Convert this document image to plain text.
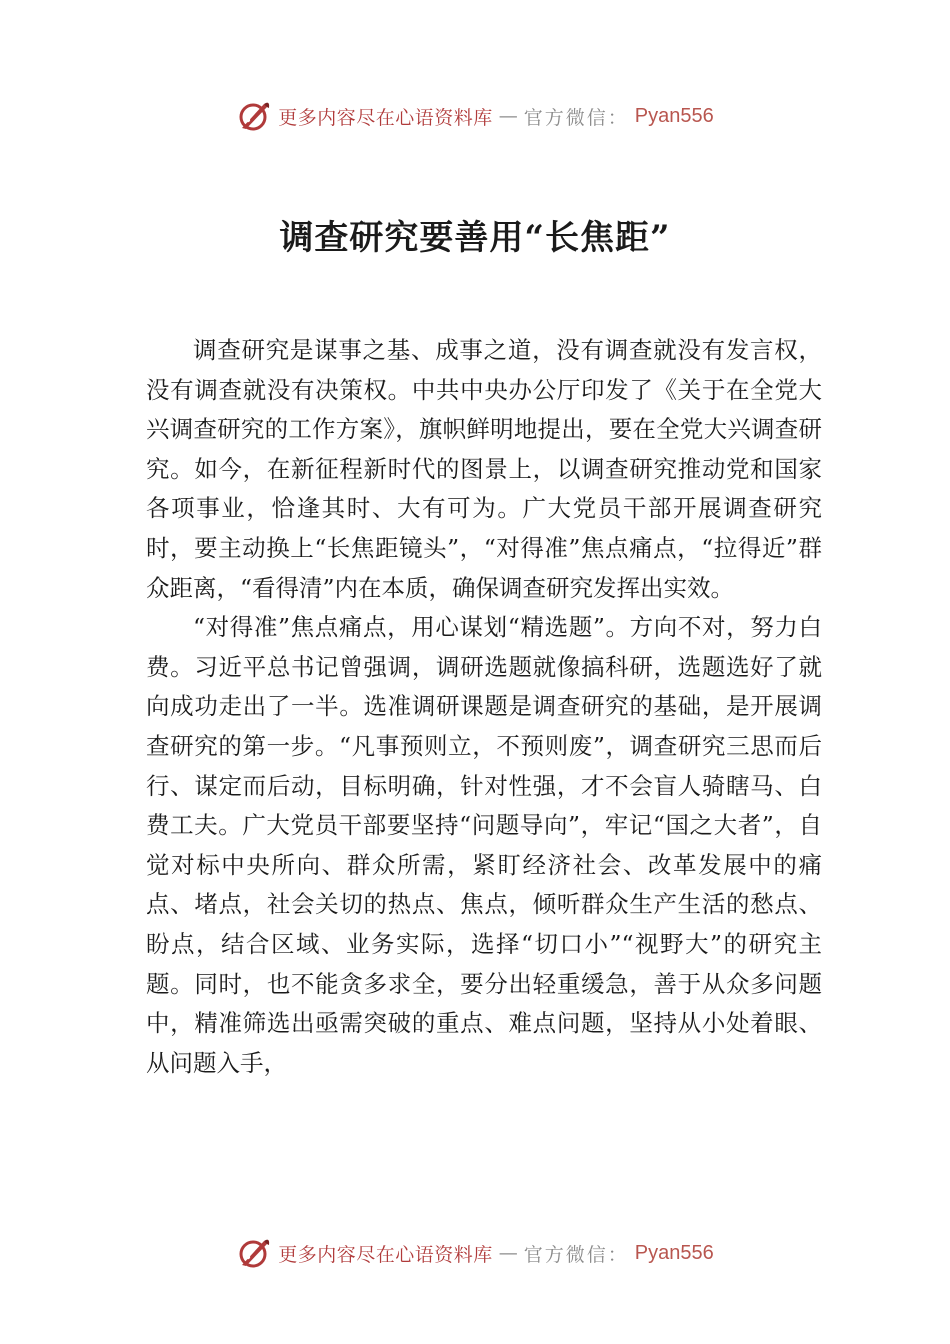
更多内容尽在心语资料库 — 官方微信： Pyan556
调查研究要善用“长焦距”

调查研究是谋事之基、成事之道，没有调查就没有发言权，没有调查就没有决策权。中共中央办公厅印发了《关于在全党大兴调查研究的工作方案》，旗帜鲜明地提出，要在全党大兴调查研究。如今，在新征程新时代的图景上，以调查研究推动党和国家各项事业，恰逢其时、大有可为。广大党员干部开展调查研究时，要主动换上“长焦距镜头”，“对得准”焦点痛点，“拉得近”群众距离，“看得清”内在本质，确保调查研究发挥出实效。

“对得准”焦点痛点，用心谋划“精选题”。方向不对，努力白费。习近平总书记曾强调，调研选题就像搞科研，选题选好了就向成功走出了一半。选准调研课题是调查研究的基础，是开展调查研究的第一步。“凡事预则立，不预则废”，调查研究三思而后行、谋定而后动，目标明确，针对性强，才不会盲人骑瞎马、白费工夫。广大党员干部要坚持“问题导向”，牢记“国之大者”，自觉对标中央所向、群众所需，紧盯经济社会、改革发展中的痛点、堵点，社会关切的热点、焦点，倾听群众生产生活的愁点、盼点，结合区域、业务实际，选择“切口小”“视野大”的研究主题。同时，也不能贪多求全，要分出轻重缓急，善于从众多问题中，精准筛选出亟需突破的重点、难点问题，坚持从小处着眼、从问题入手，

更多内容尽在心语资料库 — 官方微信： Pyan556
